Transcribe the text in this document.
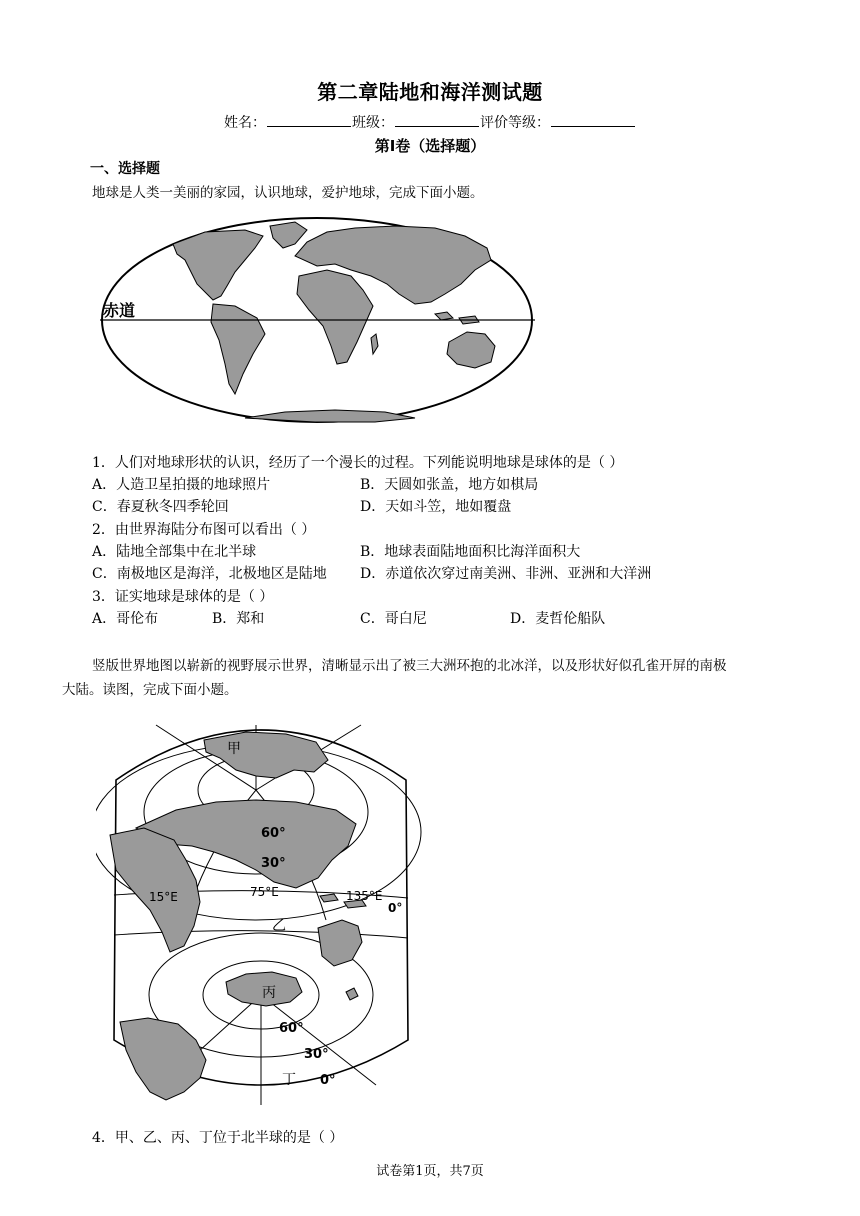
第二章陆地和海洋测试题
姓名：	班级：	评价等级：
第Ⅰ卷（选择题）
一、选择题
地球是人类一美丽的家园，认识地球，爱护地球，完成下面小题。
赤道
1．人们对地球形状的认识，经历了一个漫长的过程。下列能说明地球是球体的是（ ）
A．人造卫星拍摄的地球照片	B．天圆如张盖，地方如棋局
C．春夏秋冬四季轮回	D．天如斗笠，地如覆盘
2．由世界海陆分布图可以看出（ ）
A．陆地全部集中在北半球	B．地球表面陆地面积比海洋面积大
C．南极地区是海洋，北极地区是陆地 D．赤道依次穿过南美洲、非洲、亚洲和大洋洲
3．证实地球是球体的是（ ）
A．哥伦布	B．郑和	C．哥白尼	D．麦哲伦船队
竖版世界地图以崭新的视野展示世界，清晰显示出了被三大洲环抱的北冰洋，以及形状好似孔雀开屏的南极
大陆。读图，完成下面小题。
甲
60°
30°
15°E	75°E	135°E
0°
乙
丙
60°
30°
丁 0°
4．甲、乙、丙、丁位于北半球的是（ ）
试卷第1页，共7页
